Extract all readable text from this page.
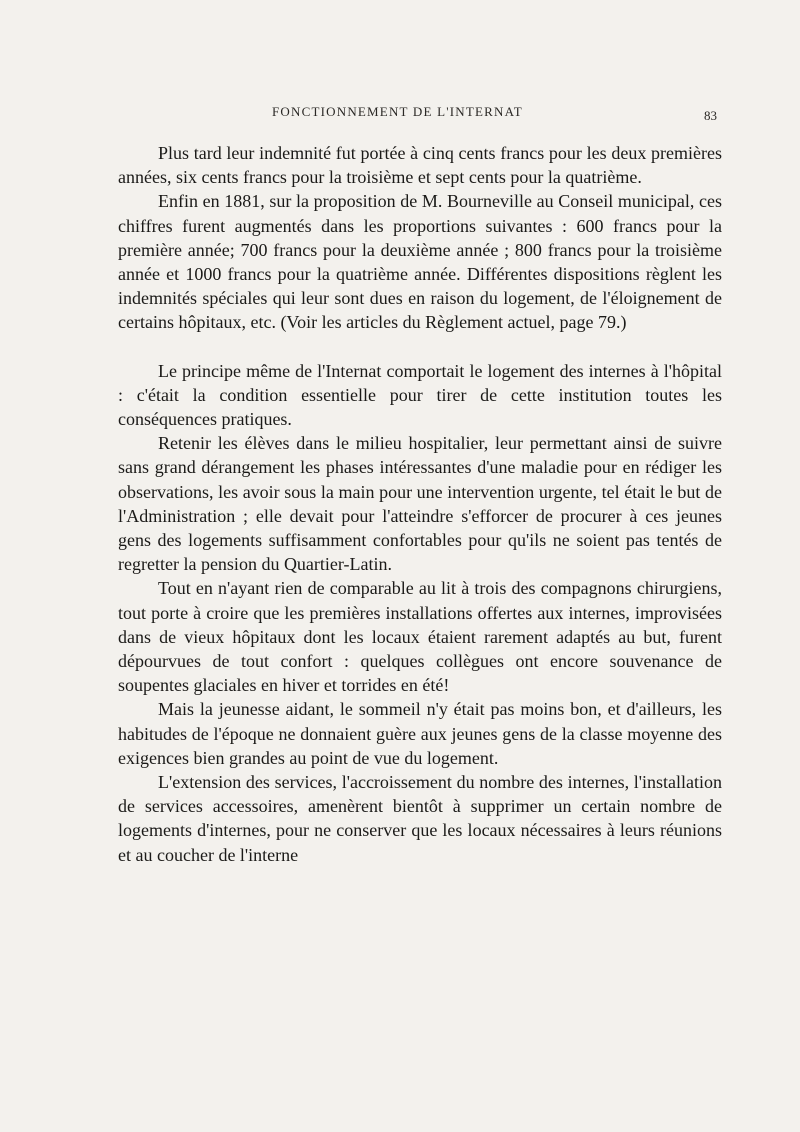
FONCTIONNEMENT DE L'INTERNAT	83

Plus tard leur indemnité fut portée à cinq cents francs pour les deux premières années, six cents francs pour la troisième et sept cents pour la quatrième.

Enfin en 1881, sur la proposition de M. Bourneville au Conseil municipal, ces chiffres furent augmentés dans les proportions suivantes : 600 francs pour la première année; 700 francs pour la deuxième année ; 800 francs pour la troisième année et 1000 francs pour la quatrième année. Différentes dispositions règlent les indemnités spéciales qui leur sont dues en raison du logement, de l'éloignement de certains hôpitaux, etc. (Voir les articles du Règlement actuel, page 79.)

Le principe même de l'Internat comportait le logement des internes à l'hôpital : c'était la condition essentielle pour tirer de cette institution toutes les conséquences pratiques.

Retenir les élèves dans le milieu hospitalier, leur permettant ainsi de suivre sans grand dérangement les phases intéressantes d'une maladie pour en rédiger les observations, les avoir sous la main pour une intervention urgente, tel était le but de l'Administration ; elle devait pour l'atteindre s'efforcer de procurer à ces jeunes gens des logements suffisamment confortables pour qu'ils ne soient pas tentés de regretter la pension du Quartier-Latin.

Tout en n'ayant rien de comparable au lit à trois des compagnons chirurgiens, tout porte à croire que les premières installations offertes aux internes, improvisées dans de vieux hôpitaux dont les locaux étaient rarement adaptés au but, furent dépourvues de tout confort : quelques collègues ont encore souvenance de soupentes glaciales en hiver et torrides en été!

Mais la jeunesse aidant, le sommeil n'y était pas moins bon, et d'ailleurs, les habitudes de l'époque ne donnaient guère aux jeunes gens de la classe moyenne des exigences bien grandes au point de vue du logement.

L'extension des services, l'accroissement du nombre des internes, l'installation de services accessoires, amenèrent bientôt à supprimer un certain nombre de logements d'internes, pour ne conserver que les locaux nécessaires à leurs réunions et au coucher de l'interne
